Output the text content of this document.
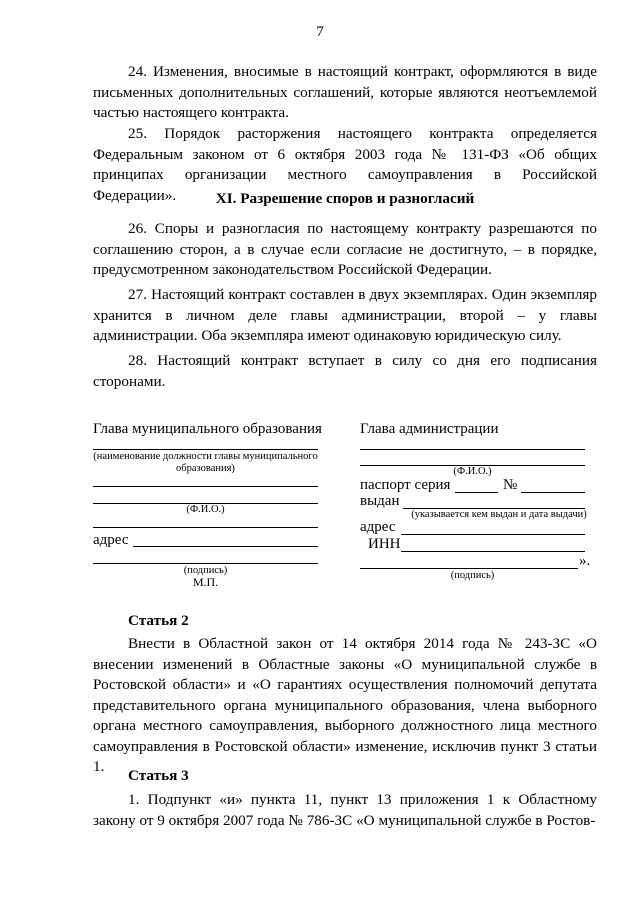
7

24. Изменения, вносимые в настоящий контракт, оформляются в виде письменных дополнительных соглашений, которые являются неотъемлемой частью настоящего контракта.

25. Порядок расторжения настоящего контракта определяется Федеральным законом от 6 октября 2003 года № 131-ФЗ «Об общих принципах организации местного самоуправления в Российской Федерации».	XI. Разрешение споров и разногласий

26. Споры и разногласия по настоящему контракту разрешаются по соглашению сторон, а в случае если согласие не достигнуто, – в порядке, предусмотренном законодательством Российской Федерации.

27. Настоящий контракт составлен в двух экземплярах. Один экземпляр хранится в личном деле главы администрации, второй – у главы администрации. Оба экземпляра имеют одинаковую юридическую силу.

28. Настоящий контракт вступает в силу со дня его подписания сторонами.

Глава муниципального образования
(наименование должности главы муниципального образования)
(Ф.И.О.)
адрес
(подпись)
М.П.
Глава администрации
(Ф.И.О.)
паспорт серия	№
выдан
(указывается кем выдан и дата выдачи)
адрес
ИНН
».
(подпись)
Статья 2

Внести в Областной закон от 14 октября 2014 года № 243-ЗС «О внесении изменений в Областные законы «О муниципальной службе в Ростовской области» и «О гарантиях осуществления полномочий депутата представительного органа муниципального образования, члена выборного органа местного самоуправления, выборного должностного лица местного самоуправления в Ростовской области» изменение, исключив пункт 3 статьи 1.

Статья 3

1. Подпункт «и» пункта 11, пункт 13 приложения 1 к Областному закону от 9 октября 2007 года № 786-ЗС «О муниципальной службе в Ростов-
